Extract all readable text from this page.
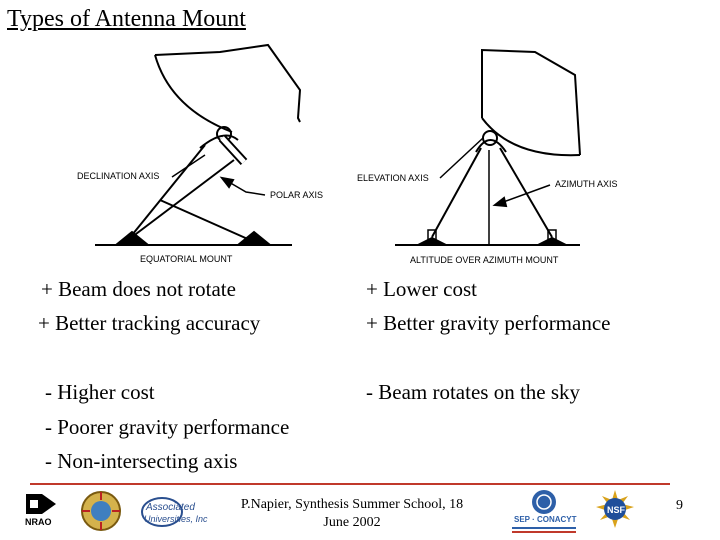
Types of Antenna Mount
DECLINATION AXIS
POLAR AXIS
EQUATORIAL MOUNT
ELEVATION AXIS
AZIMUTH AXIS
ALTITUDE OVER AZIMUTH MOUNT
+ Beam does not rotate
+ Better tracking accuracy
- Higher cost
- Poorer gravity performance
- Non-intersecting axis
+ Lower cost
+ Better gravity performance
- Beam rotates on the sky
NRAO
Associated
Universities, Inc
P.Napier, Synthesis Summer School, 18
June 2002	SEP · CONACYT
NSF	9
